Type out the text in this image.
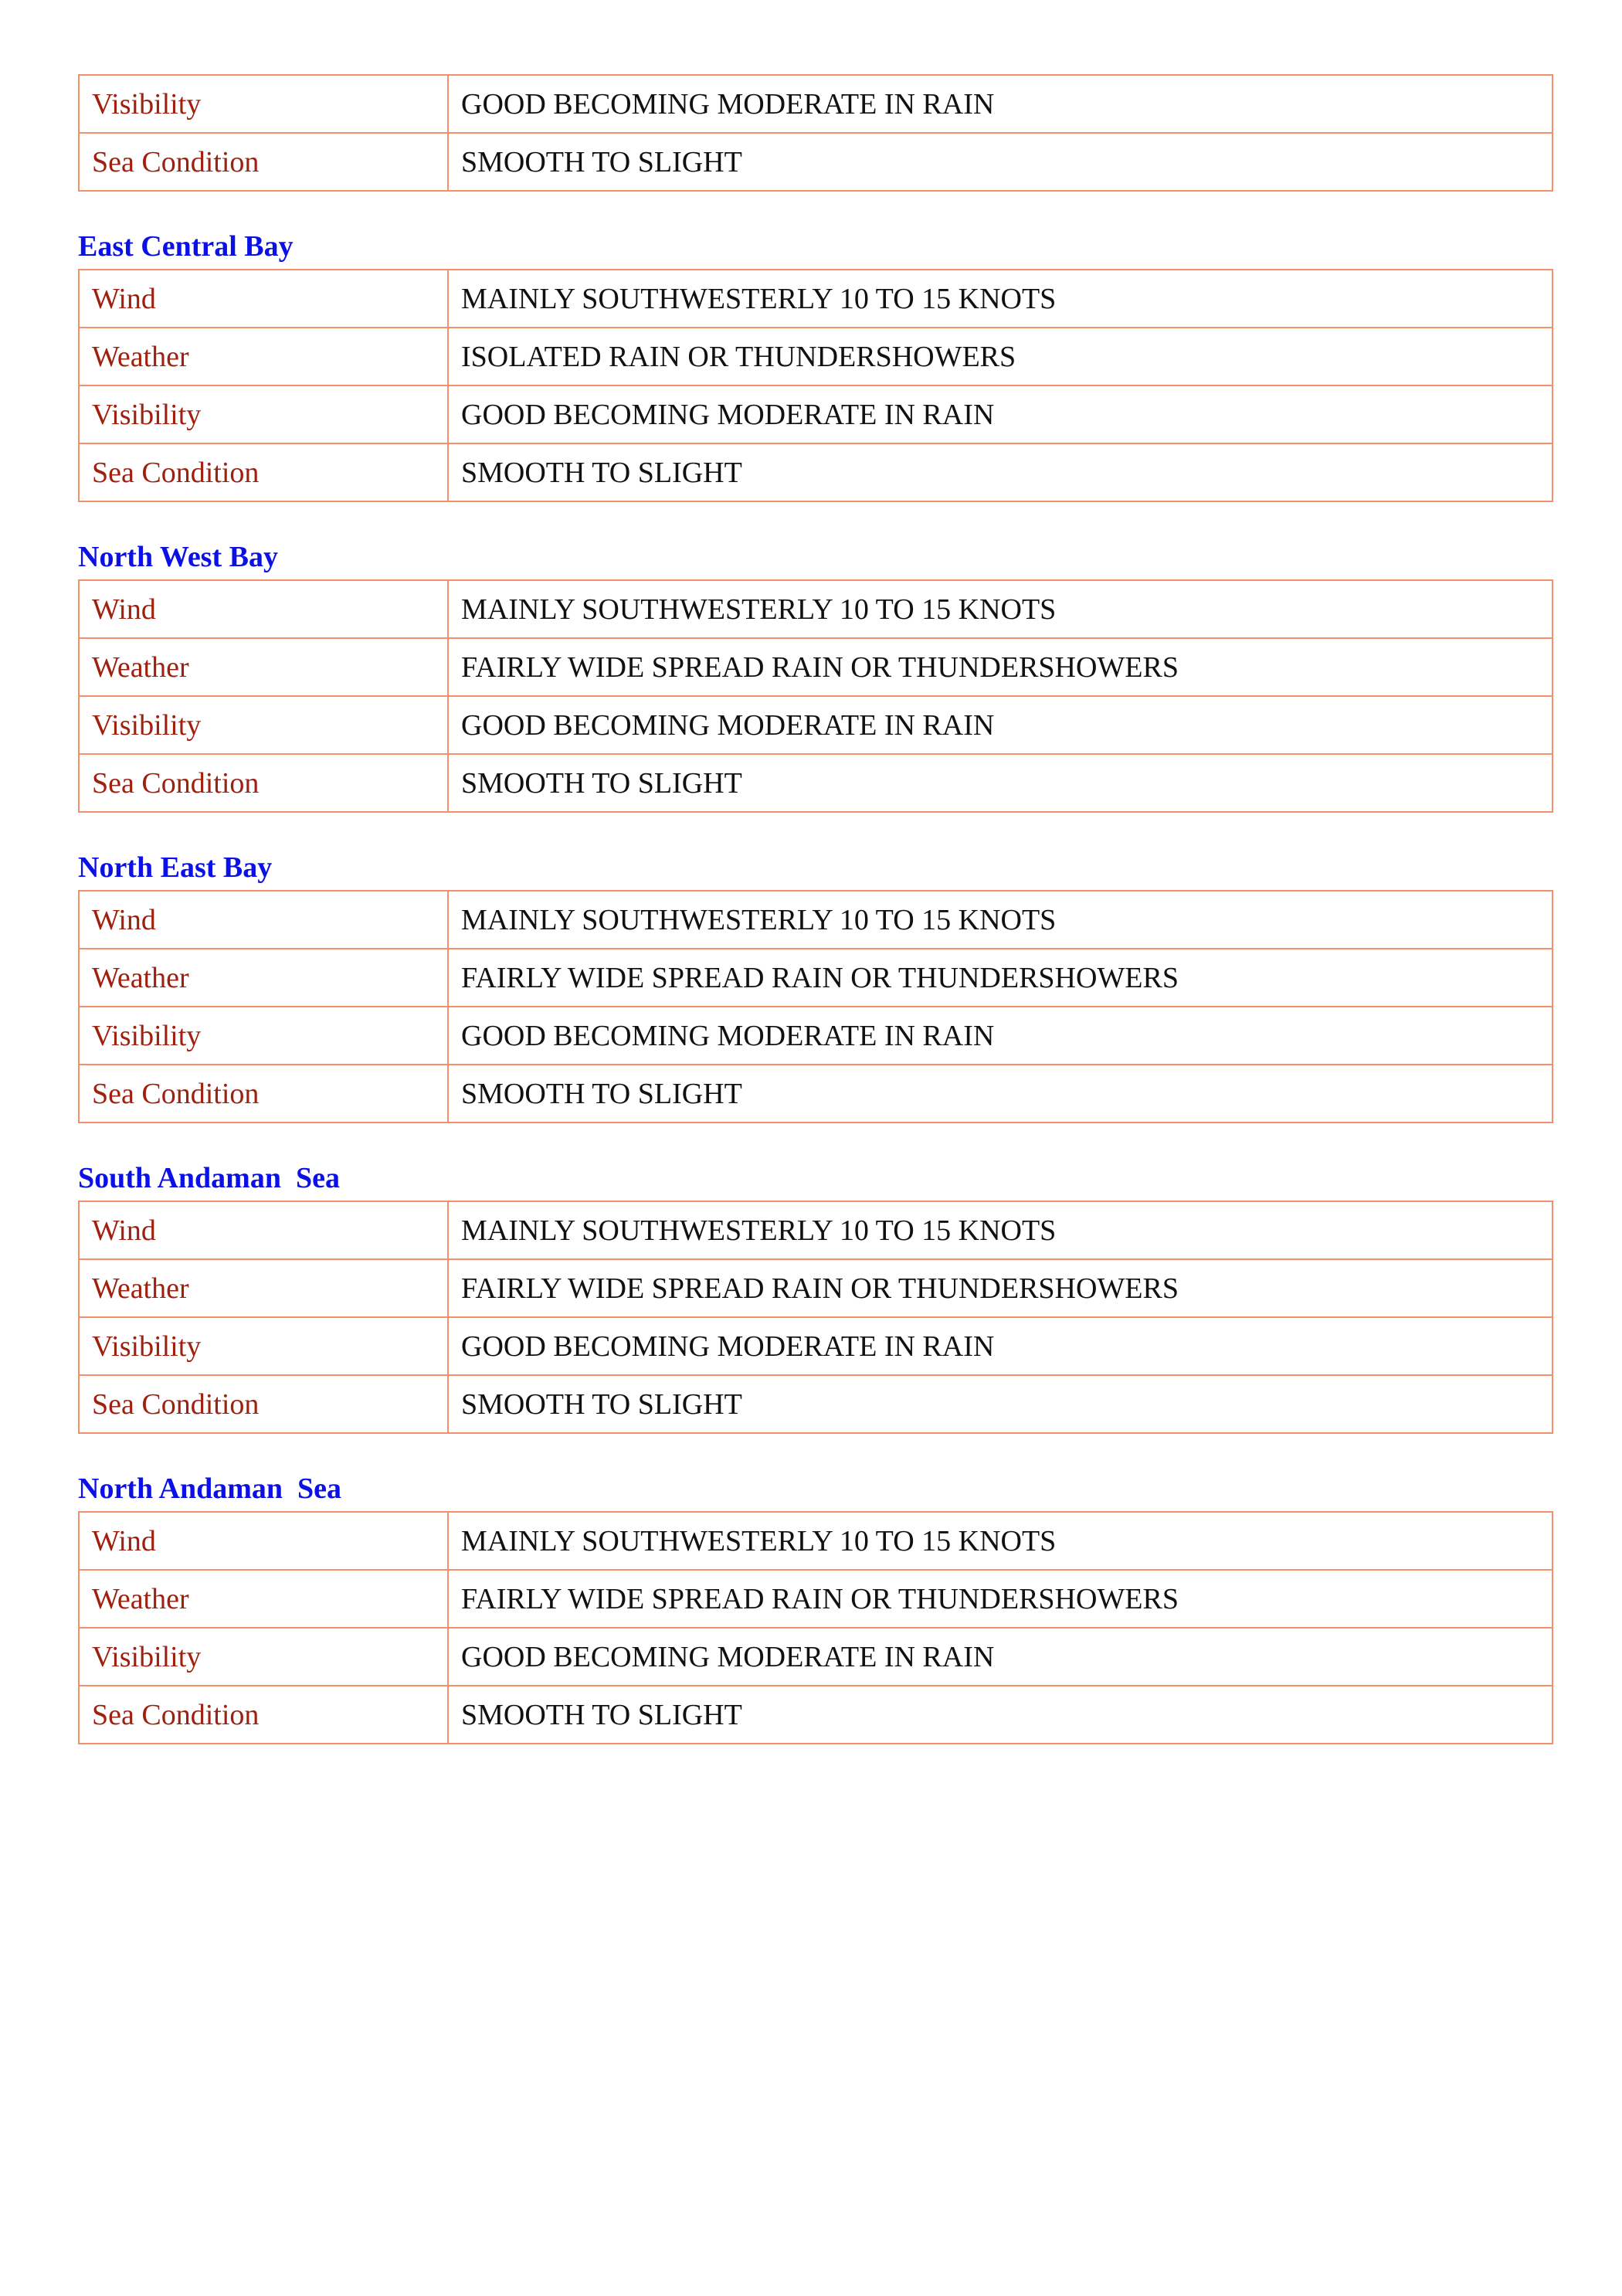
Visibility	GOOD BECOMING MODERATE IN RAIN
Sea Condition	SMOOTH TO SLIGHT
East Central Bay
Wind	MAINLY SOUTHWESTERLY 10 TO 15 KNOTS
Weather	ISOLATED RAIN OR THUNDERSHOWERS
Visibility	GOOD BECOMING MODERATE IN RAIN
Sea Condition	SMOOTH TO SLIGHT
North West Bay
Wind	MAINLY SOUTHWESTERLY 10 TO 15 KNOTS
Weather	FAIRLY WIDE SPREAD RAIN OR THUNDERSHOWERS
Visibility	GOOD BECOMING MODERATE IN RAIN
Sea Condition	SMOOTH TO SLIGHT
North East Bay
Wind	MAINLY SOUTHWESTERLY 10 TO 15 KNOTS
Weather	FAIRLY WIDE SPREAD RAIN OR THUNDERSHOWERS
Visibility	GOOD BECOMING MODERATE IN RAIN
Sea Condition	SMOOTH TO SLIGHT
South Andaman  Sea
Wind	MAINLY SOUTHWESTERLY 10 TO 15 KNOTS
Weather	FAIRLY WIDE SPREAD RAIN OR THUNDERSHOWERS
Visibility	GOOD BECOMING MODERATE IN RAIN
Sea Condition	SMOOTH TO SLIGHT
North Andaman  Sea
Wind	MAINLY SOUTHWESTERLY 10 TO 15 KNOTS
Weather	FAIRLY WIDE SPREAD RAIN OR THUNDERSHOWERS
Visibility	GOOD BECOMING MODERATE IN RAIN
Sea Condition	SMOOTH TO SLIGHT
